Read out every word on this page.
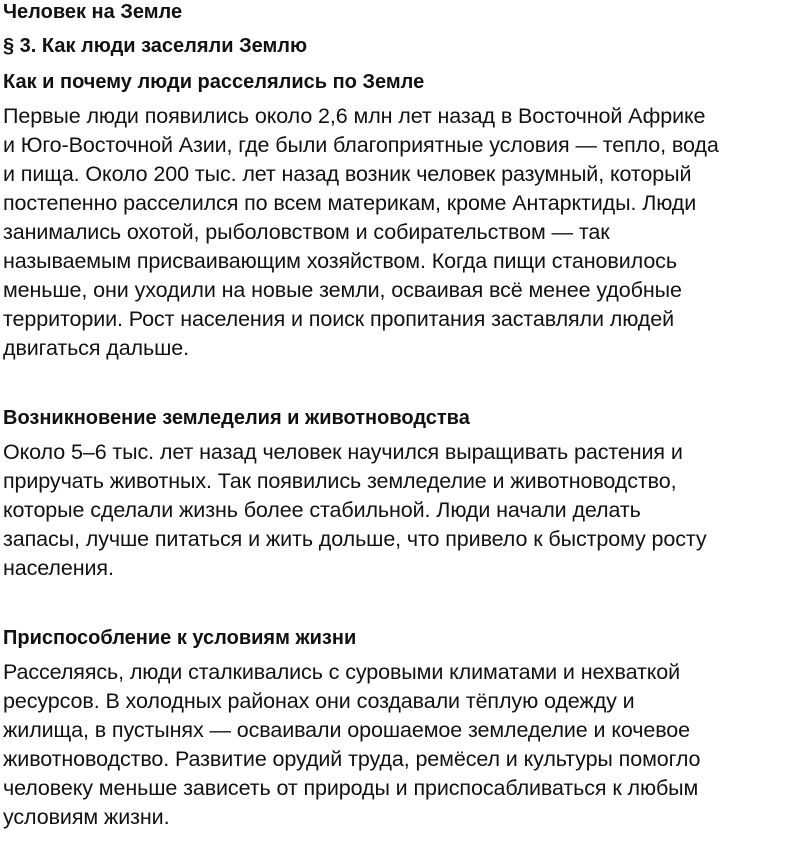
Человек на Земле
§ 3. Как люди заселяли Землю
Как и почему люди расселялись по Земле

Первые люди появились около 2,6 млн лет назад в Восточной Африке
и Юго-Восточной Азии, где были благоприятные условия — тепло, вода
и пища. Около 200 тыс. лет назад возник человек разумный, который
постепенно расселился по всем материкам, кроме Антарктиды. Люди
занимались охотой, рыболовством и собирательством — так
называемым присваивающим хозяйством. Когда пищи становилось
меньше, они уходили на новые земли, осваивая всё менее удобные
территории. Рост населения и поиск пропитания заставляли людей
двигаться дальше.

Возникновение земледелия и животноводства

Около 5–6 тыс. лет назад человек научился выращивать растения и
приручать животных. Так появились земледелие и животноводство,
которые сделали жизнь более стабильной. Люди начали делать
запасы, лучше питаться и жить дольше, что привело к быстрому росту
населения.

Приспособление к условиям жизни

Расселяясь, люди сталкивались с суровыми климатами и нехваткой
ресурсов. В холодных районах они создавали тёплую одежду и
жилища, в пустынях — осваивали орошаемое земледелие и кочевое
животноводство. Развитие орудий труда, ремёсел и культуры помогло
человеку меньше зависеть от природы и приспосабливаться к любым
условиям жизни.
